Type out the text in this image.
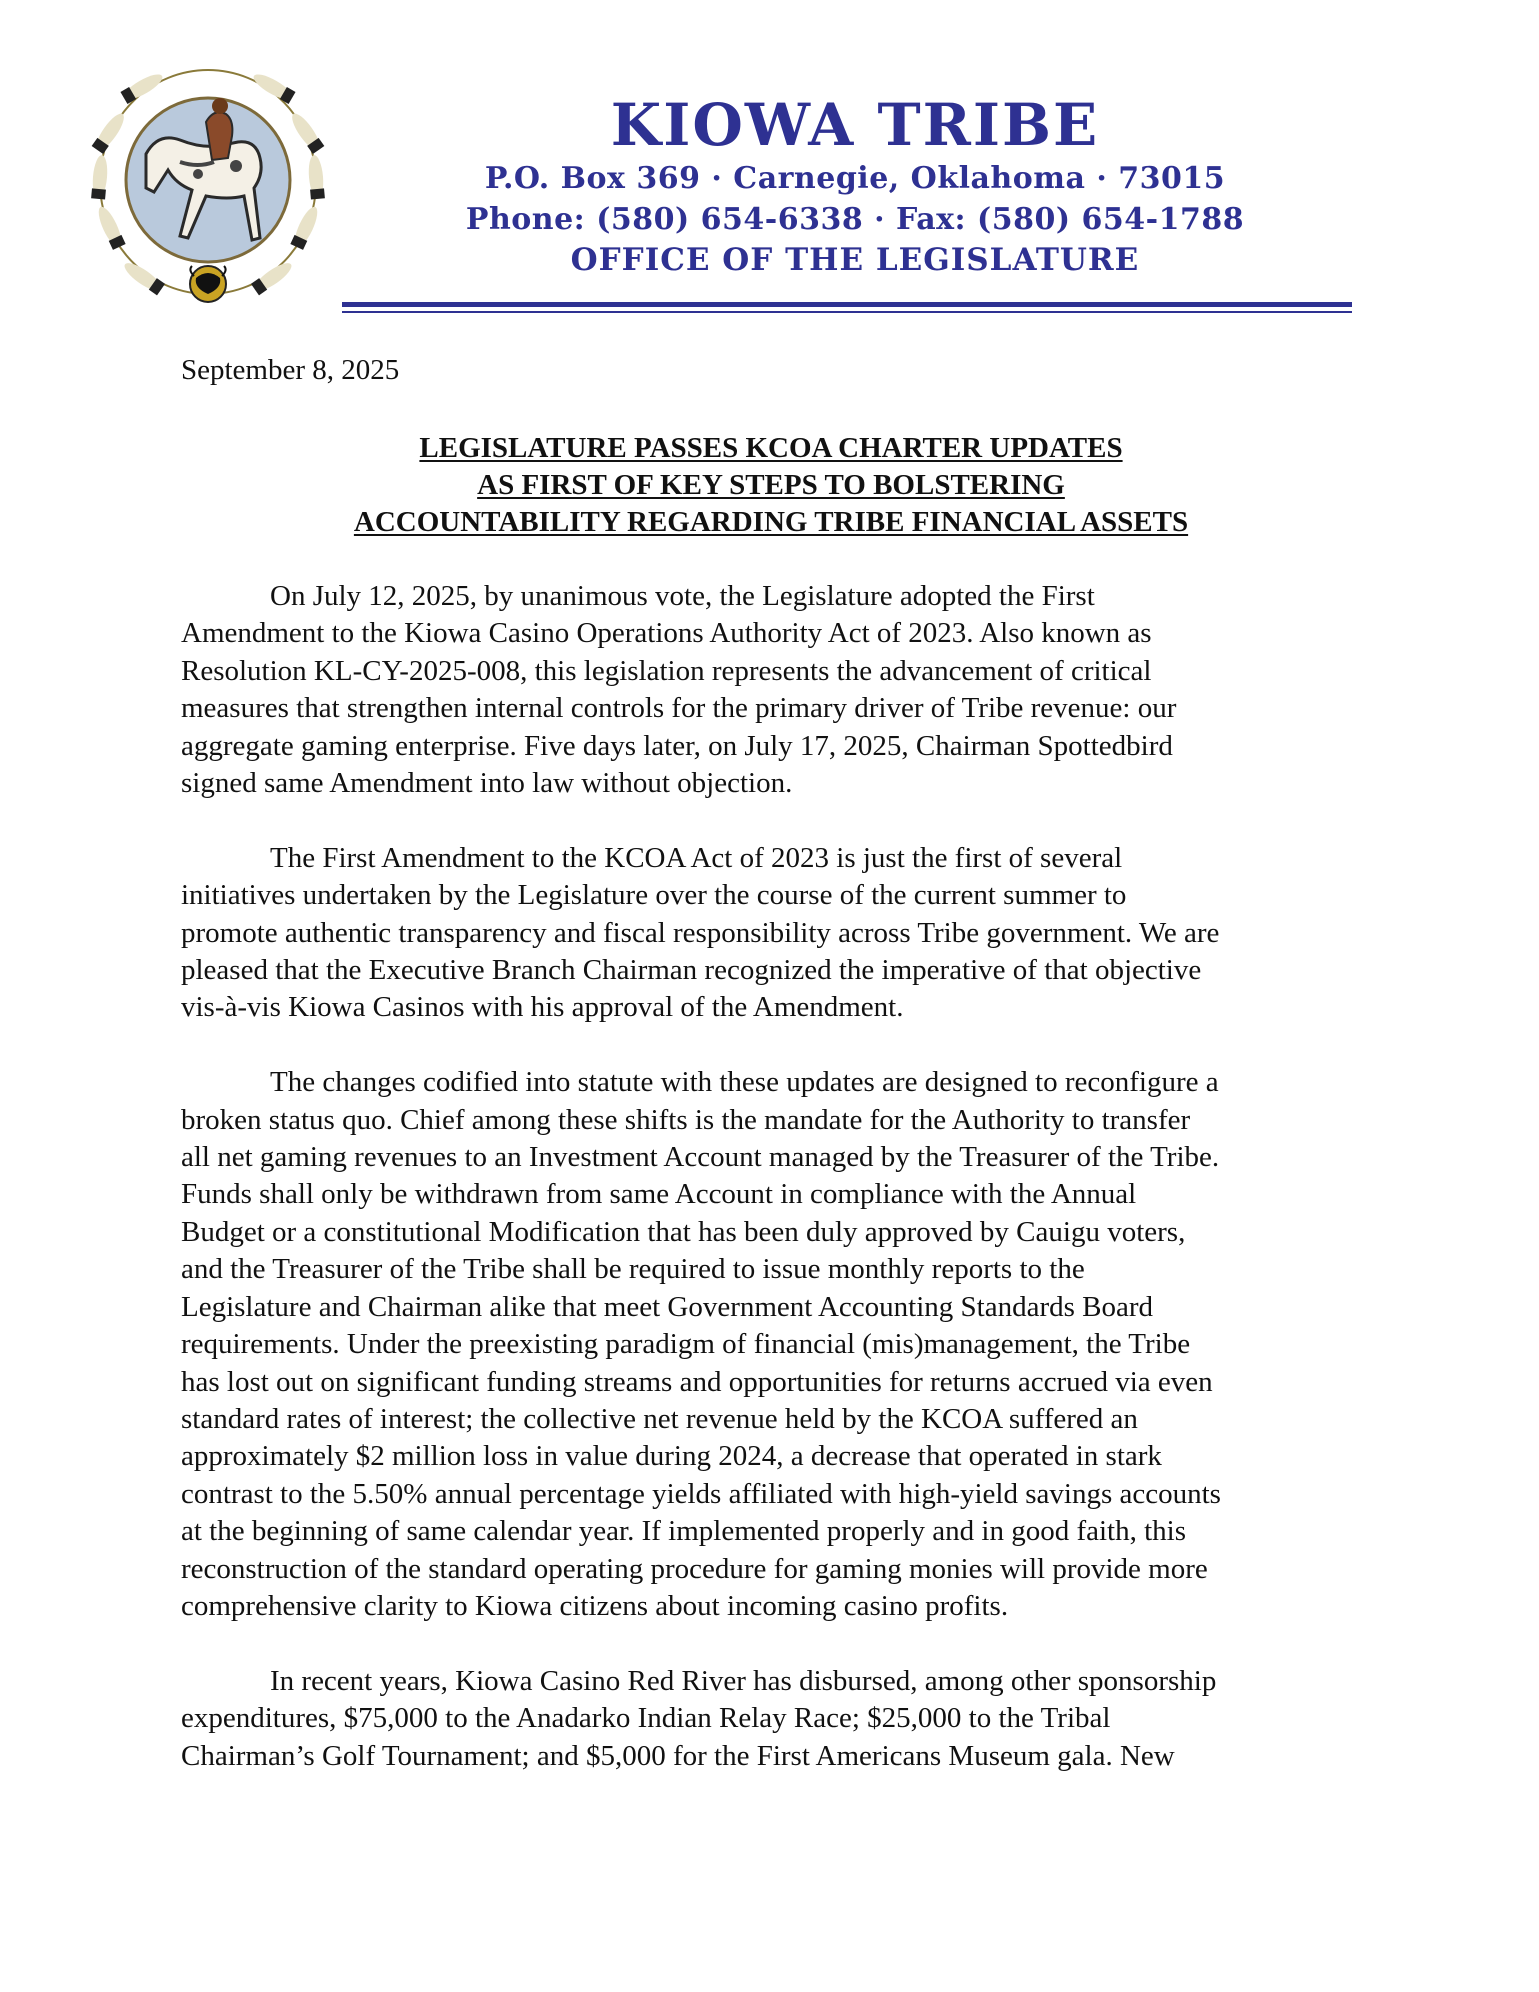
KIOWA TRIBE
P.O. Box 369 · Carnegie, Oklahoma · 73015
Phone: (580) 654-6338 · Fax: (580) 654-1788
OFFICE OF THE LEGISLATURE
September 8, 2025
LEGISLATURE PASSES KCOA CHARTER UPDATES
AS FIRST OF KEY STEPS TO BOLSTERING
ACCOUNTABILITY REGARDING TRIBE FINANCIAL ASSETS

On July 12, 2025, by unanimous vote, the Legislature adopted the First
Amendment to the Kiowa Casino Operations Authority Act of 2023. Also known as
Resolution KL-CY-2025-008, this legislation represents the advancement of critical
measures that strengthen internal controls for the primary driver of Tribe revenue: our
aggregate gaming enterprise. Five days later, on July 17, 2025, Chairman Spottedbird
signed same Amendment into law without objection.

The First Amendment to the KCOA Act of 2023 is just the first of several
initiatives undertaken by the Legislature over the course of the current summer to
promote authentic transparency and fiscal responsibility across Tribe government. We are
pleased that the Executive Branch Chairman recognized the imperative of that objective
vis-à-vis Kiowa Casinos with his approval of the Amendment.

The changes codified into statute with these updates are designed to reconfigure a
broken status quo. Chief among these shifts is the mandate for the Authority to transfer
all net gaming revenues to an Investment Account managed by the Treasurer of the Tribe.
Funds shall only be withdrawn from same Account in compliance with the Annual
Budget or a constitutional Modification that has been duly approved by Cauigu voters,
and the Treasurer of the Tribe shall be required to issue monthly reports to the
Legislature and Chairman alike that meet Government Accounting Standards Board
requirements. Under the preexisting paradigm of financial (mis)management, the Tribe
has lost out on significant funding streams and opportunities for returns accrued via even
standard rates of interest; the collective net revenue held by the KCOA suffered an
approximately $2 million loss in value during 2024, a decrease that operated in stark
contrast to the 5.50% annual percentage yields affiliated with high-yield savings accounts
at the beginning of same calendar year. If implemented properly and in good faith, this
reconstruction of the standard operating procedure for gaming monies will provide more
comprehensive clarity to Kiowa citizens about incoming casino profits.

In recent years, Kiowa Casino Red River has disbursed, among other sponsorship
expenditures, $75,000 to the Anadarko Indian Relay Race; $25,000 to the Tribal
Chairman’s Golf Tournament; and $5,000 for the First Americans Museum gala. New
